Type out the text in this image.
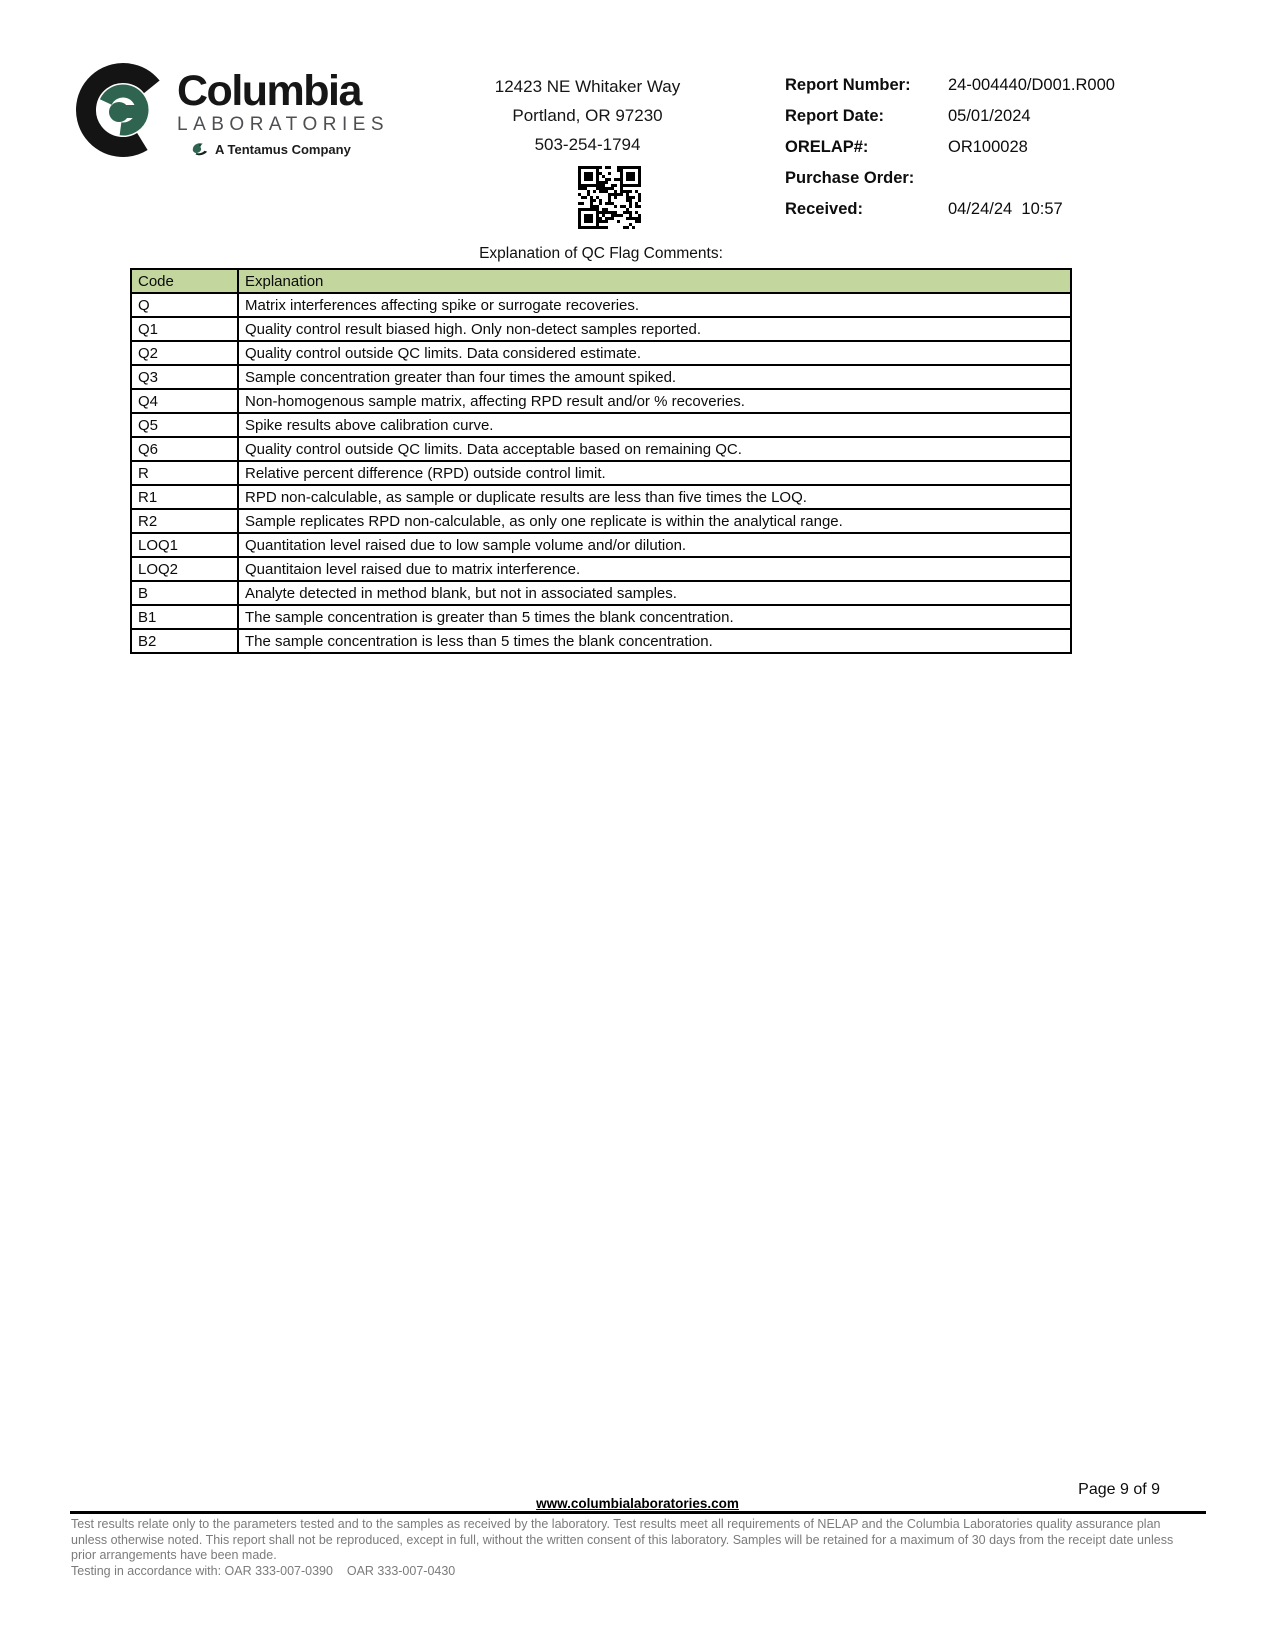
Columbia
LABORATORIES
A Tentamus Company
12423 NE Whitaker Way
Portland, OR 97230
503-254-1794
Report Number:	24-004440/D001.R000
Report Date:	05/01/2024
ORELAP#:	OR100028
Purchase Order:
Received:	04/24/24  10:57
Explanation of QC Flag Comments:
Code	Explanation
Q	Matrix interferences affecting spike or surrogate recoveries.
Q1	Quality control result biased high. Only non-detect samples reported.
Q2	Quality control outside QC limits. Data considered estimate.
Q3	Sample concentration greater than four times the amount spiked.
Q4	Non-homogenous sample matrix, affecting RPD result and/or % recoveries.
Q5	Spike results above calibration curve.
Q6	Quality control outside QC limits. Data acceptable based on remaining QC.
R	Relative percent difference (RPD) outside control limit.
R1	RPD non-calculable, as sample or duplicate results are less than five times the LOQ.
R2	Sample replicates RPD non-calculable, as only one replicate is within the analytical range.
LOQ1	Quantitation level raised due to low sample volume and/or dilution.
LOQ2	Quantitaion level raised due to matrix interference.
B	Analyte detected in method blank, but not in associated samples.
B1	The sample concentration is greater than 5 times the blank concentration.
B2	The sample concentration is less than 5 times the blank concentration.
Page 9 of 9
www.columbialaboratories.com
Test results relate only to the parameters tested and to the samples as received by the laboratory. Test results meet all requirements of NELAP and the Columbia Laboratories quality assurance plan
unless otherwise noted. This report shall not be reproduced, except in full, without the written consent of this laboratory. Samples will be retained for a maximum of 30 days from the receipt date unless
prior arrangements have been made.
Testing in accordance with: OAR 333-007-0390    OAR 333-007-0430
